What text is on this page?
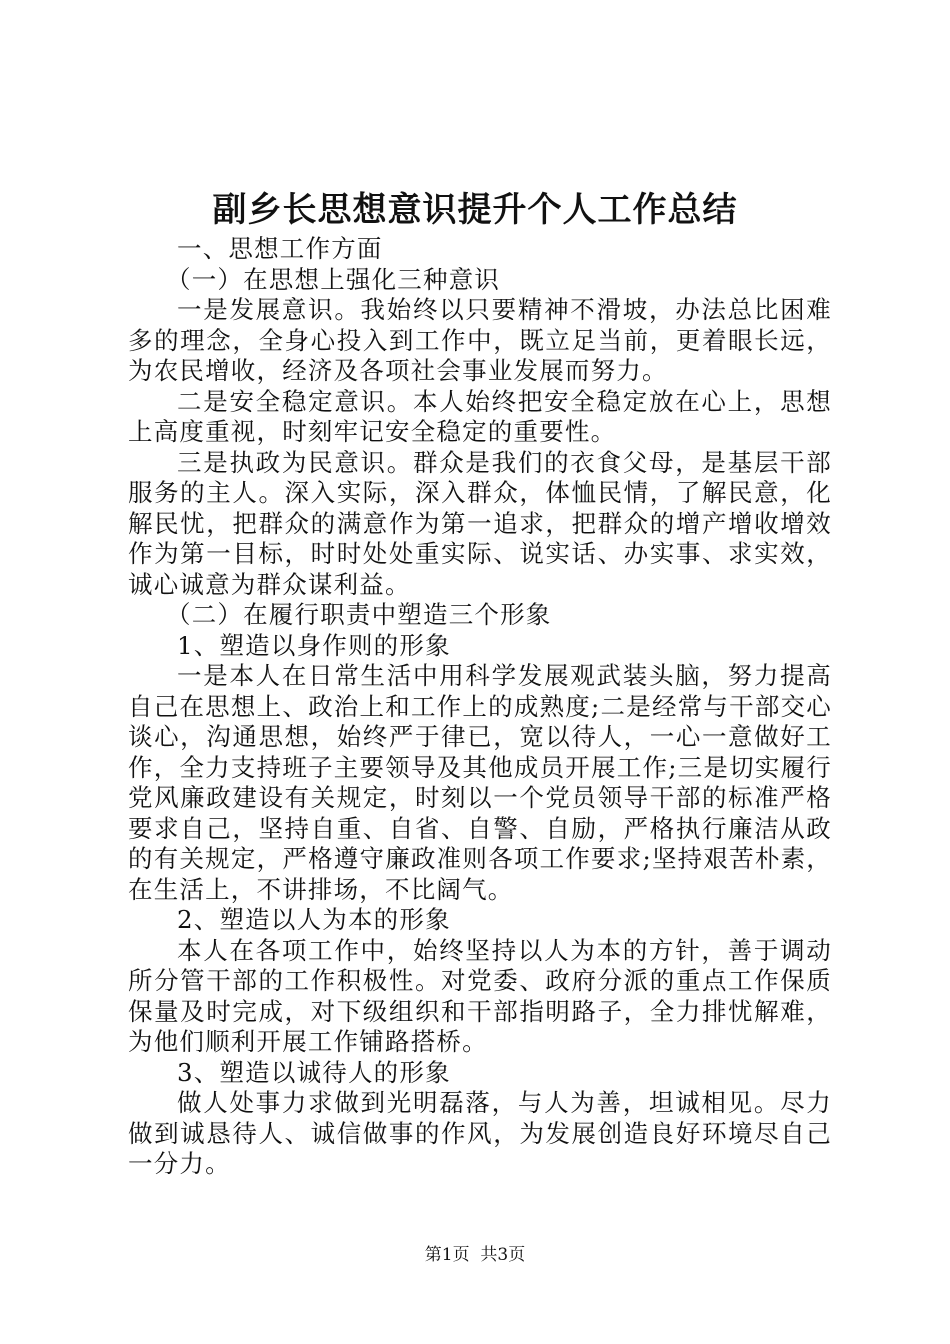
副乡长思想意识提升个人工作总结

一、思想工作方面

（一）在思想上强化三种意识

一是发展意识。我始终以只要精神不滑坡，办法总比困难多的理念，全身心投入到工作中，既立足当前，更着眼长远，为农民增收，经济及各项社会事业发展而努力。

二是安全稳定意识。本人始终把安全稳定放在心上，思想上高度重视，时刻牢记安全稳定的重要性。

三是执政为民意识。群众是我们的衣食父母，是基层干部服务的主人。深入实际，深入群众，体恤民情，了解民意，化解民忧，把群众的满意作为第一追求，把群众的增产增收增效作为第一目标，时时处处重实际、说实话、办实事、求实效，诚心诚意为群众谋利益。

（二）在履行职责中塑造三个形象

1、塑造以身作则的形象

一是本人在日常生活中用科学发展观武装头脑，努力提高自己在思想上、政治上和工作上的成熟度;二是经常与干部交心谈心，沟通思想，始终严于律已，宽以待人，一心一意做好工作，全力支持班子主要领导及其他成员开展工作;三是切实履行党风廉政建设有关规定，时刻以一个党员领导干部的标准严格要求自己，坚持自重、自省、自警、自励，严格执行廉洁从政的有关规定，严格遵守廉政准则各项工作要求;坚持艰苦朴素，在生活上，不讲排场，不比阔气。

2、塑造以人为本的形象

本人在各项工作中，始终坚持以人为本的方针，善于调动所分管干部的工作积极性。对党委、政府分派的重点工作保质保量及时完成，对下级组织和干部指明路子，全力排忧解难，为他们顺利开展工作铺路搭桥。

3、塑造以诚待人的形象

做人处事力求做到光明磊落，与人为善，坦诚相见。尽力做到诚恳待人、诚信做事的作风，为发展创造良好环境尽自己一分力。

第1页  共3页
